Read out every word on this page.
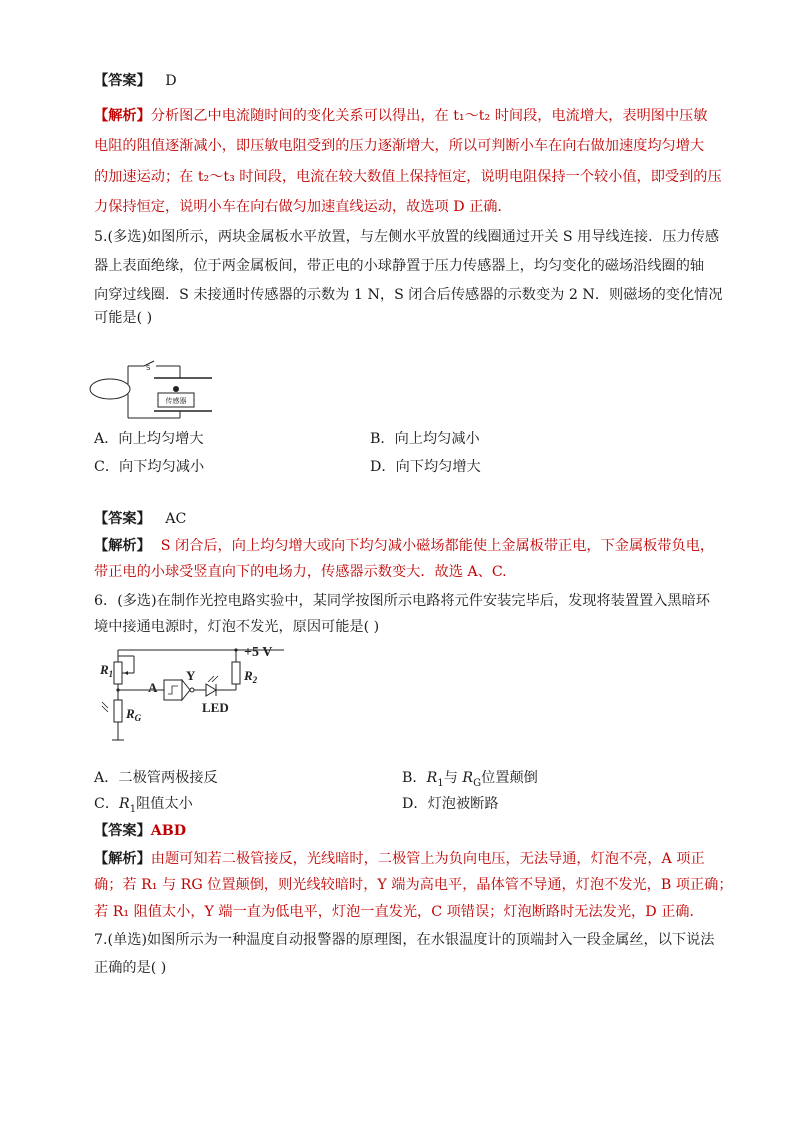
【答案】 D
【解析】分析图乙中电流随时间的变化关系可以得出，在 t₁～t₂ 时间段，电流增大，表明图中压敏
电阻的阻值逐渐减小，即压敏电阻受到的压力逐渐增大，所以可判断小车在向右做加速度均匀增大
的加速运动；在 t₂～t₃ 时间段，电流在较大数值上保持恒定，说明电阻保持一个较小值，即受到的压
力保持恒定，说明小车在向右做匀加速直线运动，故选项 D 正确．
5.(多选)如图所示，两块金属板水平放置，与左侧水平放置的线圈通过开关 S 用导线连接．压力传感
器上表面绝缘，位于两金属板间，带正电的小球静置于压力传感器上，均匀变化的磁场沿线圈的轴
向穿过线圈．S 未接通时传感器的示数为 1 N，S 闭合后传感器的示数变为 2 N．则磁场的变化情况
可能是( )
传感器
S
A．向上均匀增大	B．向上均匀减小
C．向下均匀减小	D．向下均匀增大
【答案】 AC
【解析】 S 闭合后，向上均匀增大或向下均匀减小磁场都能使上金属板带正电，下金属板带负电，
带正电的小球受竖直向下的电场力，传感器示数变大．故选 A、C.
6．(多选)在制作光控电路实验中，某同学按图所示电路将元件安装完毕后，发现将装置置入黑暗环
境中接通电源时，灯泡不发光，原因可能是( )
+5 V
$R_1$
A
Y
LED
$R_2$
$R_G$
A．二极管两极接反	B．$R_1$与 $R_G$位置颠倒
C．$R_1$阻值太小	D．灯泡被断路
【答案】ABD
【解析】由题可知若二极管接反，光线暗时，二极管上为负向电压，无法导通，灯泡不亮，A 项正
确；若 R₁ 与 RG 位置颠倒，则光线较暗时，Y 端为高电平，晶体管不导通，灯泡不发光，B 项正确；
若 R₁ 阻值太小，Y 端一直为低电平，灯泡一直发光，C 项错误；灯泡断路时无法发光，D 正确．
7.(单选)如图所示为一种温度自动报警器的原理图，在水银温度计的顶端封入一段金属丝，以下说法
正确的是( )
